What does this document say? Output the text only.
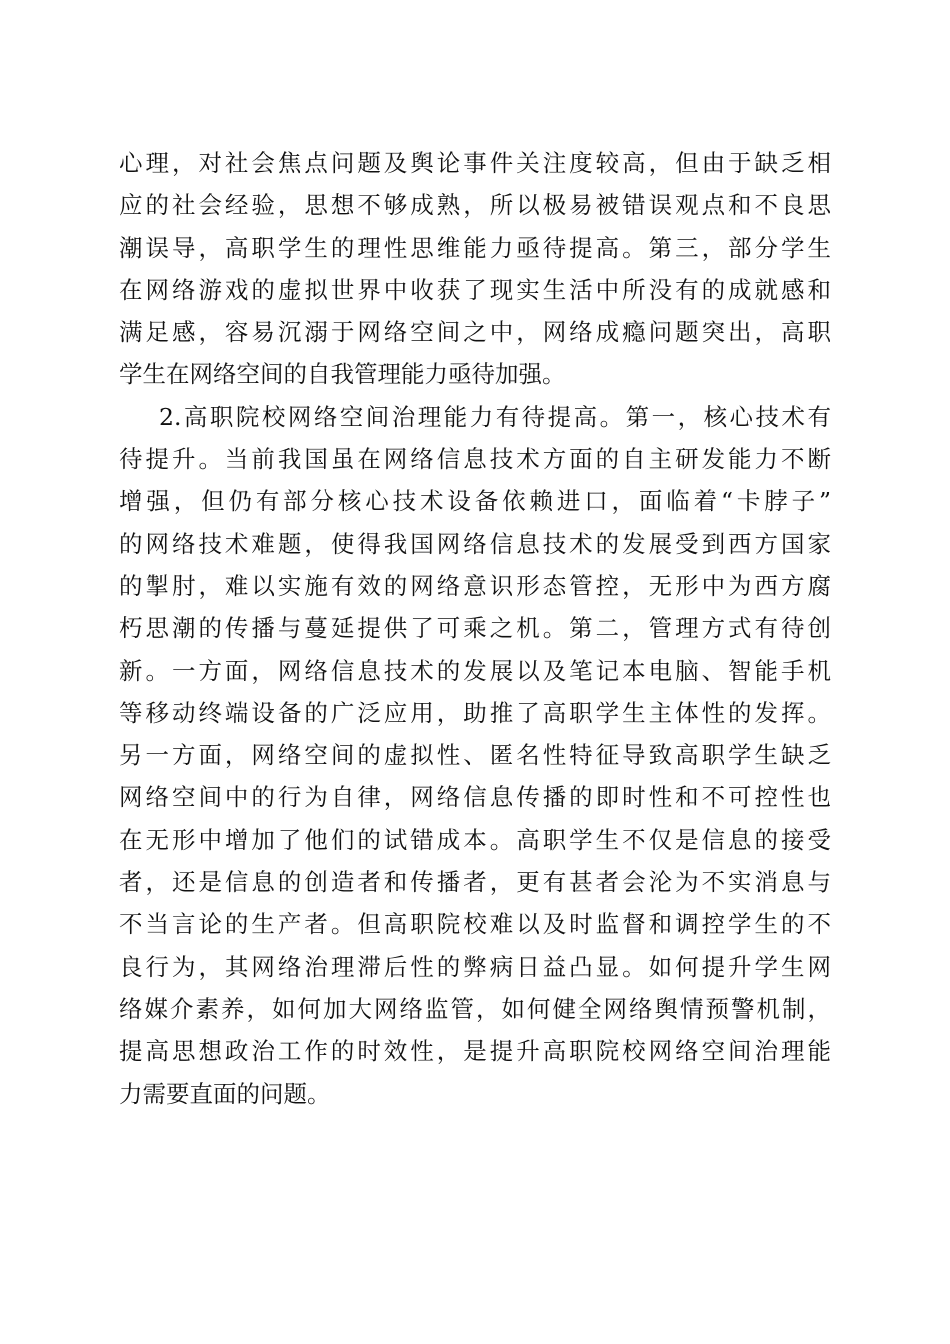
心理，对社会焦点问题及舆论事件关注度较高，但由于缺乏相
应的社会经验，思想不够成熟，所以极易被错误观点和不良思
潮误导，高职学生的理性思维能力亟待提高。第三，部分学生
在网络游戏的虚拟世界中收获了现实生活中所没有的成就感和
满足感，容易沉溺于网络空间之中，网络成瘾问题突出，高职
学生在网络空间的自我管理能力亟待加强。
2.高职院校网络空间治理能力有待提高。第一，核心技术有
待提升。当前我国虽在网络信息技术方面的自主研发能力不断
增强，但仍有部分核心技术设备依赖进口，面临着“卡脖子”
的网络技术难题，使得我国网络信息技术的发展受到西方国家
的掣肘，难以实施有效的网络意识形态管控，无形中为西方腐
朽思潮的传播与蔓延提供了可乘之机。第二，管理方式有待创
新。一方面，网络信息技术的发展以及笔记本电脑、智能手机
等移动终端设备的广泛应用，助推了高职学生主体性的发挥。
另一方面，网络空间的虚拟性、匿名性特征导致高职学生缺乏
网络空间中的行为自律，网络信息传播的即时性和不可控性也
在无形中增加了他们的试错成本。高职学生不仅是信息的接受
者，还是信息的创造者和传播者，更有甚者会沦为不实消息与
不当言论的生产者。但高职院校难以及时监督和调控学生的不
良行为，其网络治理滞后性的弊病日益凸显。如何提升学生网
络媒介素养，如何加大网络监管，如何健全网络舆情预警机制，
提高思想政治工作的时效性，是提升高职院校网络空间治理能
力需要直面的问题。
